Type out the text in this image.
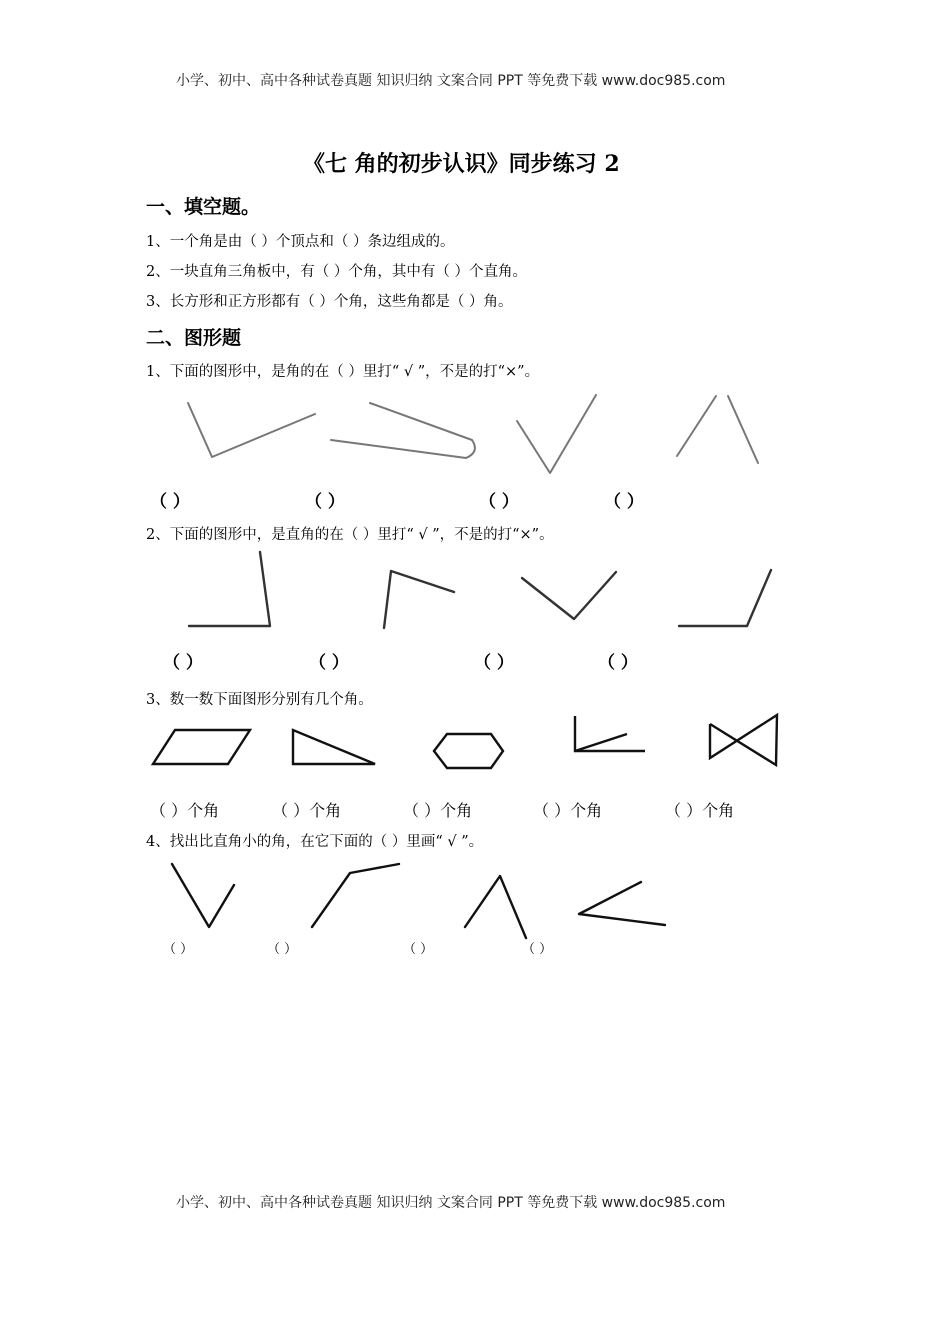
小学、初中、高中各种试卷真题 知识归纳 文案合同 PPT 等免费下载 www.doc985.com
小学、初中、高中各种试卷真题 知识归纳 文案合同 PPT 等免费下载 www.doc985.com
《七 角的初步认识》同步练习 2
一、填空题。
1、一个角是由（ ）个顶点和（ ）条边组成的。
2、一块直角三角板中，有（ ）个角，其中有（ ）个直角。
3、长方形和正方形都有（ ）个角，这些角都是（ ）角。
二、图形题
1、下面的图形中，是角的在（ ）里打“ √ ”，不是的打“×”。
（ ）	（ ）	（ ）	（ ）
2、下面的图形中，是直角的在（ ）里打“ √ ”，不是的打“×”。
（ ）	（ ）	（ ）	（ ）
3、数一数下面图形分别有几个角。
（ ）个角	（ ）个角	（ ）个角	（ ）个角	（ ）个角
4、找出比直角小的角，在它下面的（ ）里画“ √ ”。
（ ）	（ ）	（ ）	（ ）
